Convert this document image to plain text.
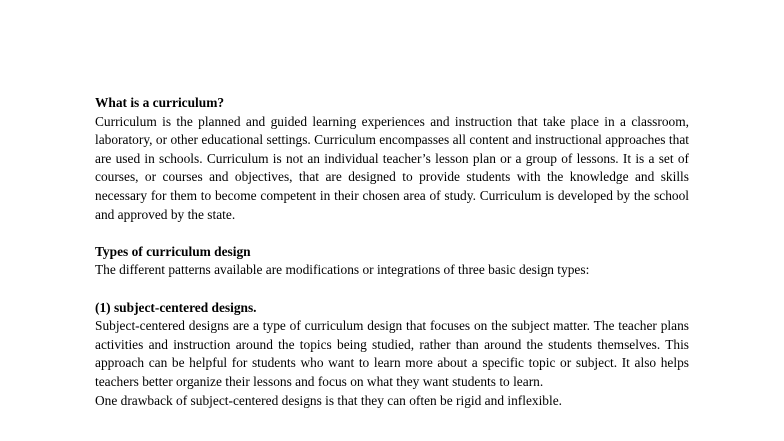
What is a curriculum?

Curriculum is the planned and guided learning experiences and instruction that take place in a classroom, laboratory, or other educational settings. Curriculum encompasses all content and instructional approaches that are used in schools. Curriculum is not an individual teacher’s lesson plan or a group of lessons. It is a set of courses, or courses and objectives, that are designed to provide students with the knowledge and skills necessary for them to become competent in their chosen area of study. Curriculum is developed by the school and approved by the state.

Types of curriculum design

The different patterns available are modifications or integrations of three basic design types:

(1) subject-centered designs.

Subject-centered designs are a type of curriculum design that focuses on the subject matter. The teacher plans activities and instruction around the topics being studied, rather than around the students themselves. This approach can be helpful for students who want to learn more about a specific topic or subject. It also helps teachers better organize their lessons and focus on what they want students to learn.

One drawback of subject-centered designs is that they can often be rigid and inflexible.
